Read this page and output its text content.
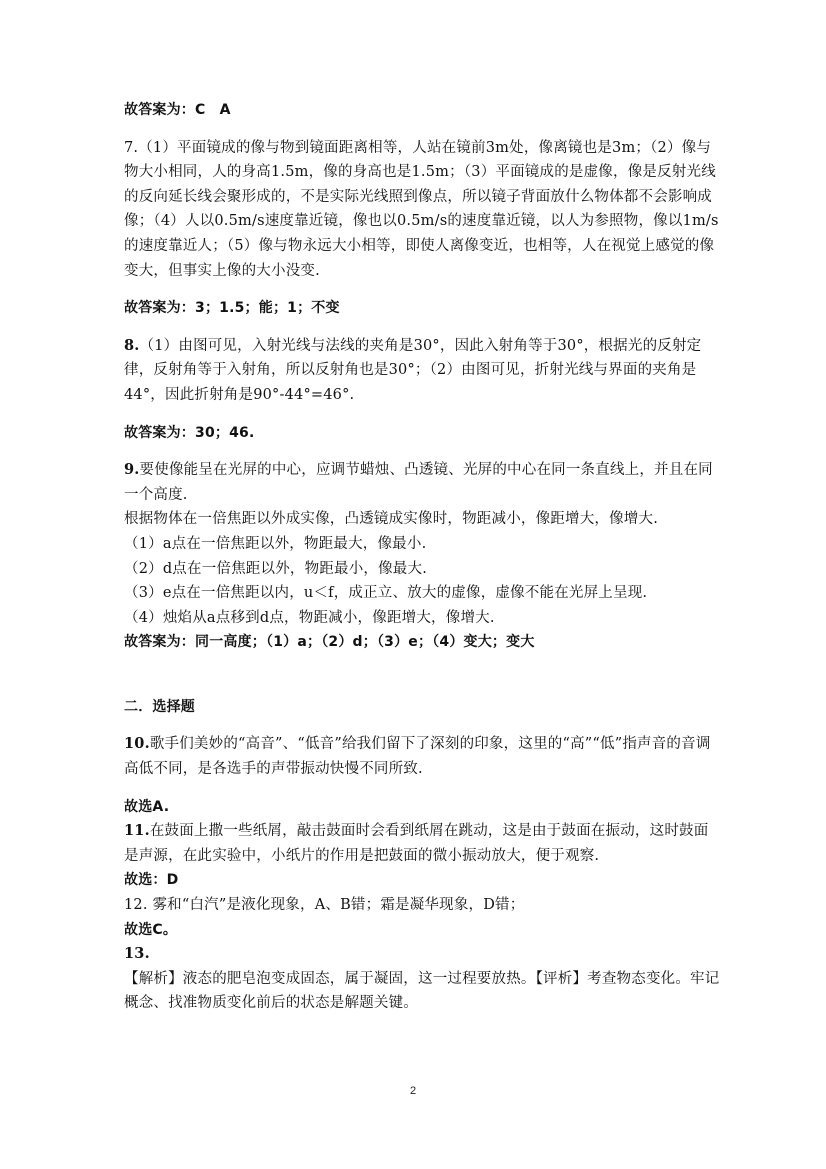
故答案为：C　A

7.（1）平面镜成的像与物到镜面距离相等，人站在镜前3m处，像离镜也是3m；（2）像与物大小相同，人的身高1.5m，像的身高也是1.5m；（3）平面镜成的是虚像，像是反射光线的反向延长线会聚形成的，不是实际光线照到像点，所以镜子背面放什么物体都不会影响成像；（4）人以0.5m/s速度靠近镜，像也以0.5m/s的速度靠近镜，以人为参照物，像以1m/s的速度靠近人；（5）像与物永远大小相等，即使人离像变近，也相等，人在视觉上感觉的像变大，但事实上像的大小没变.

故答案为：3；1.5；能；1；不变

8.（1）由图可见，入射光线与法线的夹角是30°，因此入射角等于30°，根据光的反射定律，反射角等于入射角，所以反射角也是30°；（2）由图可见，折射光线与界面的夹角是44°，因此折射角是90°-44°=46°.

故答案为：30；46.

9.要使像能呈在光屏的中心，应调节蜡烛、凸透镜、光屏的中心在同一条直线上，并且在同一个高度.

根据物体在一倍焦距以外成实像，凸透镜成实像时，物距减小，像距增大，像增大.

（1）a点在一倍焦距以外，物距最大，像最小.

（2）d点在一倍焦距以外，物距最小，像最大.

（3）e点在一倍焦距以内，u＜f，成正立、放大的虚像，虚像不能在光屏上呈现.

（4）烛焰从a点移到d点，物距减小，像距增大，像增大.

故答案为：同一高度；（1）a；（2）d；（3）e；（4）变大；变大

二．选择题

10.歌手们美妙的“高音”、“低音”给我们留下了深刻的印象，这里的“高”“低”指声音的音调高低不同，是各选手的声带振动快慢不同所致.

故选A.

11.在鼓面上撒一些纸屑，敲击鼓面时会看到纸屑在跳动，这是由于鼓面在振动，这时鼓面是声源，在此实验中，小纸片的作用是把鼓面的微小振动放大，便于观察.

故选：D

12. 雾和“白汽”是液化现象，A、B错；霜是凝华现象，D错；

故选C。

13.

【解析】液态的肥皂泡变成固态，属于凝固，这一过程要放热。【评析】考查物态变化。牢记概念、找准物质变化前后的状态是解题关键。

2
